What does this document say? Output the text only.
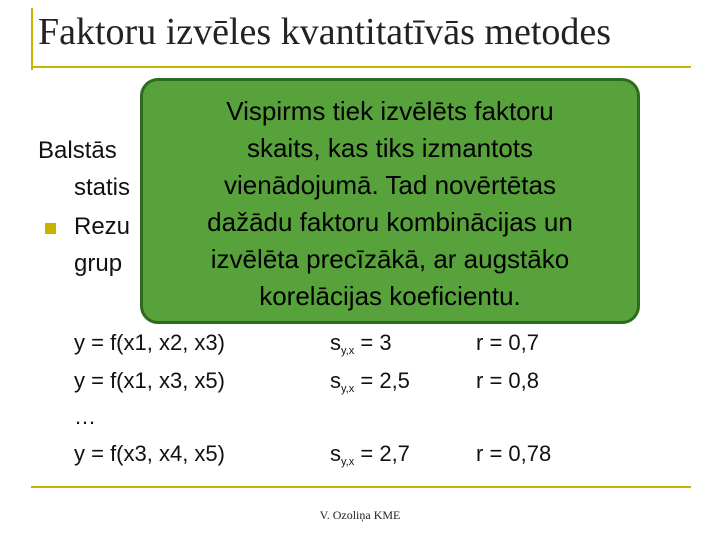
Faktoru izvēles kvantitatīvās metodes
Balstās
statis
Rezu
grup
Vispirms tiek izvēlēts faktoru
skaits, kas tiks izmantots
vienādojumā. Tad novērtētas
dažādu faktoru kombinācijas un
izvēlēta precīzākā, ar augstāko
korelācijas koeficientu.
y = f(x1, x2, x3)	$s_{y,x} = 3$	r = 0,7
y = f(x1, x3, x5)	$s_{y,x} = 2,5$	r = 0,8
…
y = f(x3, x4, x5)	$s_{y,x} = 2,7$	r = 0,78
V. Ozoliņa KME
